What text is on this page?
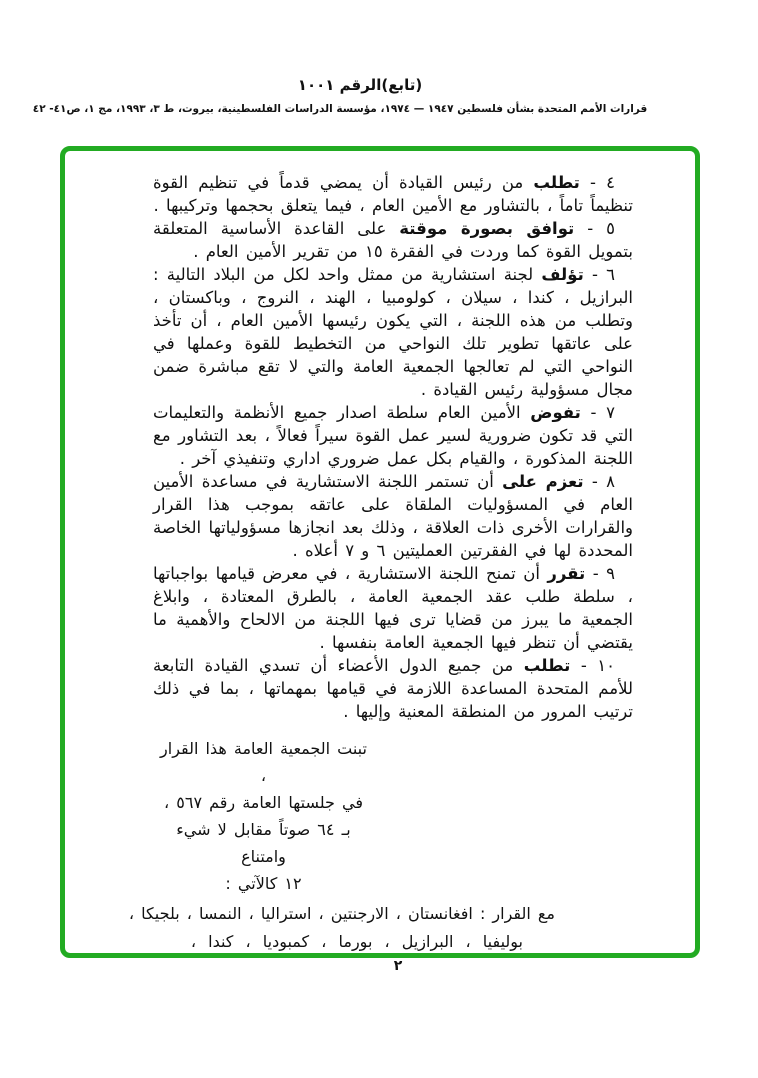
(تابع)الرقم ١٠٠١
قرارات الأمم المتحدة بشأن فلسطين ١٩٤٧ — ١٩٧٤، مؤسسة الدراسات الفلسطينية، بيروت، ط ٣، ١٩٩٣، مج ١، ص٤١- ٤٢

٤ - تطلب من رئيس القيادة أن يمضي قدماً في تنظيم القوة تنظيماً تاماً ، بالتشاور مع الأمين العام ، فيما يتعلق بحجمها وتركيبها .

٥ - توافق بصورة موقتة على القاعدة الأساسية المتعلقة بتمويل القوة كما وردت في الفقرة ١٥ من تقرير الأمين العام .

٦ - تؤلف لجنة استشارية من ممثل واحد لكل من البلاد التالية : البرازيل ، كندا ، سيلان ، كولومبيا ، الهند ، النروج ، وباكستان ، وتطلب من هذه اللجنة ، التي يكون رئيسها الأمين العام ، أن تأخذ على عاتقها تطوير تلك النواحي من التخطيط للقوة وعملها في النواحي التي لم تعالجها الجمعية العامة والتي لا تقع مباشرة ضمن مجال مسؤولية رئيس القيادة .

٧ - تفوض الأمين العام سلطة اصدار جميع الأنظمة والتعليمات التي قد تكون ضرورية لسير عمل القوة سيراً فعالاً ، بعد التشاور مع اللجنة المذكورة ، والقيام بكل عمل ضروري اداري وتنفيذي آخر .

٨ - تعزم على أن تستمر اللجنة الاستشارية في مساعدة الأمين العام في المسؤوليات الملقاة على عاتقه بموجب هذا القرار والقرارات الأخرى ذات العلاقة ، وذلك بعد انجازها مسؤولياتها الخاصة المحددة لها في الفقرتين العمليتين ٦ و ٧ أعلاه .

٩ - تقرر أن تمنح اللجنة الاستشارية ، في معرض قيامها بواجباتها ، سلطة طلب عقد الجمعية العامة ، بالطرق المعتادة ، وابلاغ الجمعية ما يبرز من قضايا ترى فيها اللجنة من الالحاح والأهمية ما يقتضي أن تنظر فيها الجمعية العامة بنفسها .

١٠ - تطلب من جميع الدول الأعضاء أن تسدي القيادة التابعة للأمم المتحدة المساعدة اللازمة في قيامها بمهماتها ، بما في ذلك ترتيب المرور من المنطقة المعنية وإليها .

تبنت الجمعية العامة هذا القرار ،
في جلستها العامة رقم ٥٦٧ ،
بـ ٦٤ صوتاً مقابل لا شيء وامتناع
١٢ كالآتي :
مع القرار : افغانستان ، الارجنتين ، استراليا ، النمسا ، بلجيكا ،
بوليفيا ، البرازيل ، بورما ، كمبوديا ، كندا ،
٢
